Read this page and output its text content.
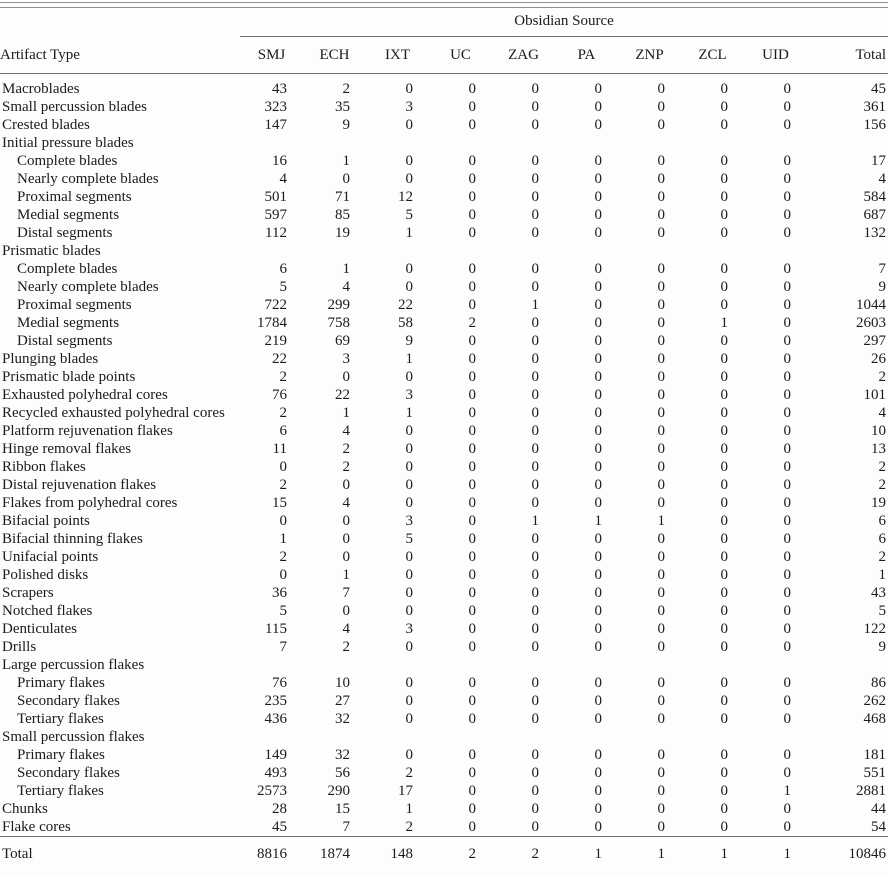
	Obsidian Source									
Artifact Type	SMJ	ECH	IXT	UC	ZAG	PA	ZNP	ZCL	UID	Total
Macroblades	43	2	0	0	0	0	0	0	0	45
Small percussion blades	323	35	3	0	0	0	0	0	0	361
Crested blades	147	9	0	0	0	0	0	0	0	156
Initial pressure blades										
Complete blades	16	1	0	0	0	0	0	0	0	17
Nearly complete blades	4	0	0	0	0	0	0	0	0	4
Proximal segments	501	71	12	0	0	0	0	0	0	584
Medial segments	597	85	5	0	0	0	0	0	0	687
Distal segments	112	19	1	0	0	0	0	0	0	132
Prismatic blades										
Complete blades	6	1	0	0	0	0	0	0	0	7
Nearly complete blades	5	4	0	0	0	0	0	0	0	9
Proximal segments	722	299	22	0	1	0	0	0	0	1044
Medial segments	1784	758	58	2	0	0	0	1	0	2603
Distal segments	219	69	9	0	0	0	0	0	0	297
Plunging blades	22	3	1	0	0	0	0	0	0	26
Prismatic blade points	2	0	0	0	0	0	0	0	0	2
Exhausted polyhedral cores	76	22	3	0	0	0	0	0	0	101
Recycled exhausted polyhedral cores	2	1	1	0	0	0	0	0	0	4
Platform rejuvenation flakes	6	4	0	0	0	0	0	0	0	10
Hinge removal flakes	11	2	0	0	0	0	0	0	0	13
Ribbon flakes	0	2	0	0	0	0	0	0	0	2
Distal rejuvenation flakes	2	0	0	0	0	0	0	0	0	2
Flakes from polyhedral cores	15	4	0	0	0	0	0	0	0	19
Bifacial points	0	0	3	0	1	1	1	0	0	6
Bifacial thinning flakes	1	0	5	0	0	0	0	0	0	6
Unifacial points	2	0	0	0	0	0	0	0	0	2
Polished disks	0	1	0	0	0	0	0	0	0	1
Scrapers	36	7	0	0	0	0	0	0	0	43
Notched flakes	5	0	0	0	0	0	0	0	0	5
Denticulates	115	4	3	0	0	0	0	0	0	122
Drills	7	2	0	0	0	0	0	0	0	9
Large percussion flakes										
Primary flakes	76	10	0	0	0	0	0	0	0	86
Secondary flakes	235	27	0	0	0	0	0	0	0	262
Tertiary flakes	436	32	0	0	0	0	0	0	0	468
Small percussion flakes										
Primary flakes	149	32	0	0	0	0	0	0	0	181
Secondary flakes	493	56	2	0	0	0	0	0	0	551
Tertiary flakes	2573	290	17	0	0	0	0	0	1	2881
Chunks	28	15	1	0	0	0	0	0	0	44
Flake cores	45	7	2	0	0	0	0	0	0	54
Total	8816	1874	148	2	2	1	1	1	1	10846
